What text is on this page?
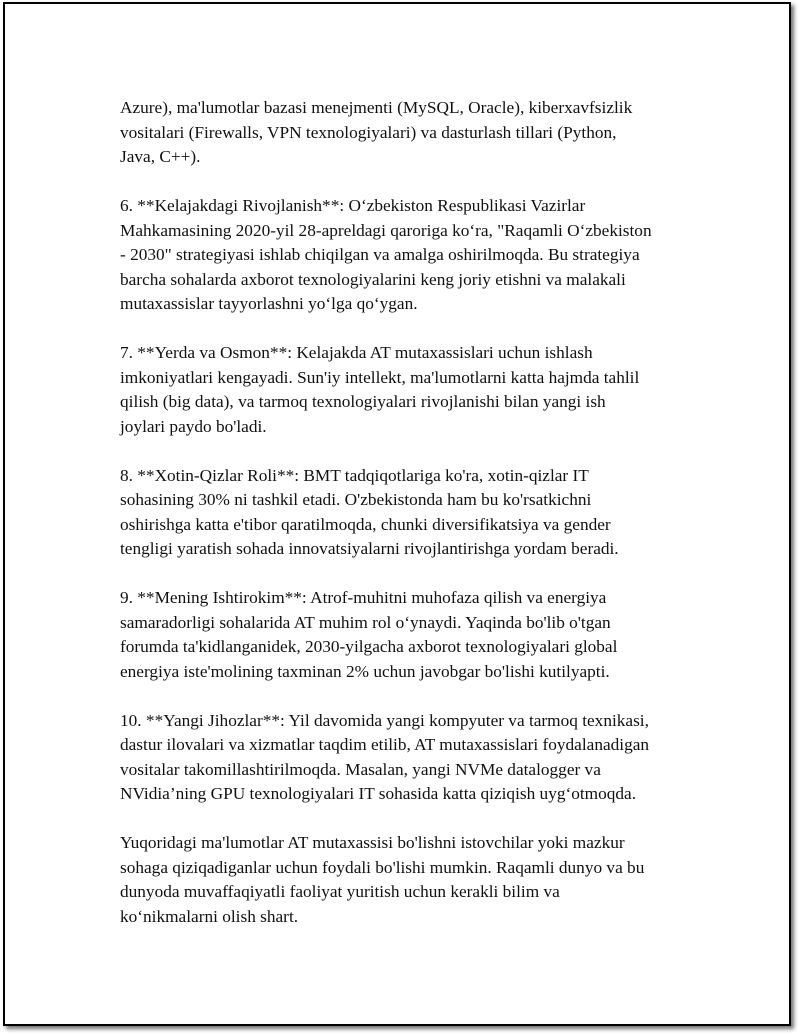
Azure), ma'lumotlar bazasi menejmenti (MySQL, Oracle), kiberxavfsizlik
vositalari (Firewalls, VPN texnologiyalari) va dasturlash tillari (Python,
Java, C++).

6. **Kelajakdagi Rivojlanish**: O‘zbekiston Respublikasi Vazirlar
Mahkamasining 2020-yil 28-apreldagi qaroriga ko‘ra, "Raqamli O‘zbekiston
- 2030" strategiyasi ishlab chiqilgan va amalga oshirilmoqda. Bu strategiya
barcha sohalarda axborot texnologiyalarini keng joriy etishni va malakali
mutaxassislar tayyorlashni yo‘lga qo‘ygan.

7. **Yerda va Osmon**: Kelajakda AT mutaxassislari uchun ishlash
imkoniyatlari kengayadi. Sun'iy intellekt, ma'lumotlarni katta hajmda tahlil
qilish (big data), va tarmoq texnologiyalari rivojlanishi bilan yangi ish
joylari paydo bo'ladi.

8. **Xotin-Qizlar Roli**: BMT tadqiqotlariga ko'ra, xotin-qizlar IT
sohasining 30% ni tashkil etadi. O'zbekistonda ham bu ko'rsatkichni
oshirishga katta e'tibor qaratilmoqda, chunki diversifikatsiya va gender
tengligi yaratish sohada innovatsiyalarni rivojlantirishga yordam beradi.

9. **Mening Ishtirokim**: Atrof-muhitni muhofaza qilish va energiya
samaradorligi sohalarida AT muhim rol o‘ynaydi. Yaqinda bo'lib o'tgan
forumda ta'kidlanganidek, 2030-yilgacha axborot texnologiyalari global
energiya iste'molining taxminan 2% uchun javobgar bo'lishi kutilyapti.

10. **Yangi Jihozlar**: Yil davomida yangi kompyuter va tarmoq texnikasi,
dastur ilovalari va xizmatlar taqdim etilib, AT mutaxassislari foydalanadigan
vositalar takomillashtirilmoqda. Masalan, yangi NVMe datalogger va
NVidia’ning GPU texnologiyalari IT sohasida katta qiziqish uyg‘otmoqda.

Yuqoridagi ma'lumotlar AT mutaxassisi bo'lishni istovchilar yoki mazkur
sohaga qiziqadiganlar uchun foydali bo'lishi mumkin. Raqamli dunyo va bu
dunyoda muvaffaqiyatli faoliyat yuritish uchun kerakli bilim va
ko‘nikmalarni olish shart.
